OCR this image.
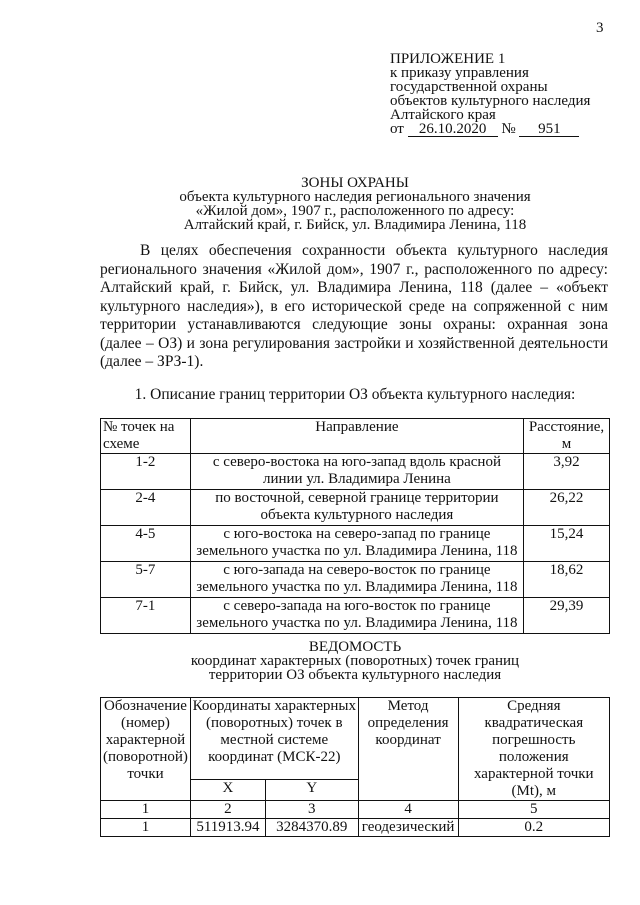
3
ПРИЛОЖЕНИЕ 1
к приказу управления
государственной охраны
объектов культурного наследия
Алтайского края
от 26.10.2020 № 951
ЗОНЫ ОХРАНЫ
объекта культурного наследия регионального значения
«Жилой дом», 1907 г., расположенного по адресу:
Алтайский край, г. Бийск, ул. Владимира Ленина, 118
В целях обеспечения сохранности объекта культурного наследия регионального значения «Жилой дом», 1907 г., расположенного по адресу: Алтайский край, г. Бийск, ул. Владимира Ленина, 118 (далее – «объект культурного наследия»), в его исторической среде на сопряженной с ним территории устанавливаются следующие зоны охраны: охранная зона (далее – ОЗ) и зона регулирования застройки и хозяйственной деятельности (далее – ЗРЗ-1).
1. Описание границ территории ОЗ объекта культурного наследия:
№ точек на схеме	Направление	Расстояние, м
1-2	с северо-востока на юго-запад вдоль красной линии ул. Владимира Ленина	3,92
2-4	по восточной, северной границе территории объекта культурного наследия	26,22
4-5	с юго-востока на северо-запад по границе земельного участка по ул. Владимира Ленина, 118	15,24
5-7	с юго-запада на северо-восток по границе земельного участка по ул. Владимира Ленина, 118	18,62
7-1	с северо-запада на юго-восток по границе земельного участка по ул. Владимира Ленина, 118	29,39
ВЕДОМОСТЬ
координат характерных (поворотных) точек границ
территории ОЗ объекта культурного наследия
Обозначение (номер) характерной (поворотной) точки	Координаты характерных (поворотных) точек в местной системе координат (МСК-22)		Метод определения координат	Средняя квадратическая погрешность положения характерной точки (Mt), м
	X	Y		
1	2	3	4	5
1	511913.94	3284370.89	геодезический	0.2
